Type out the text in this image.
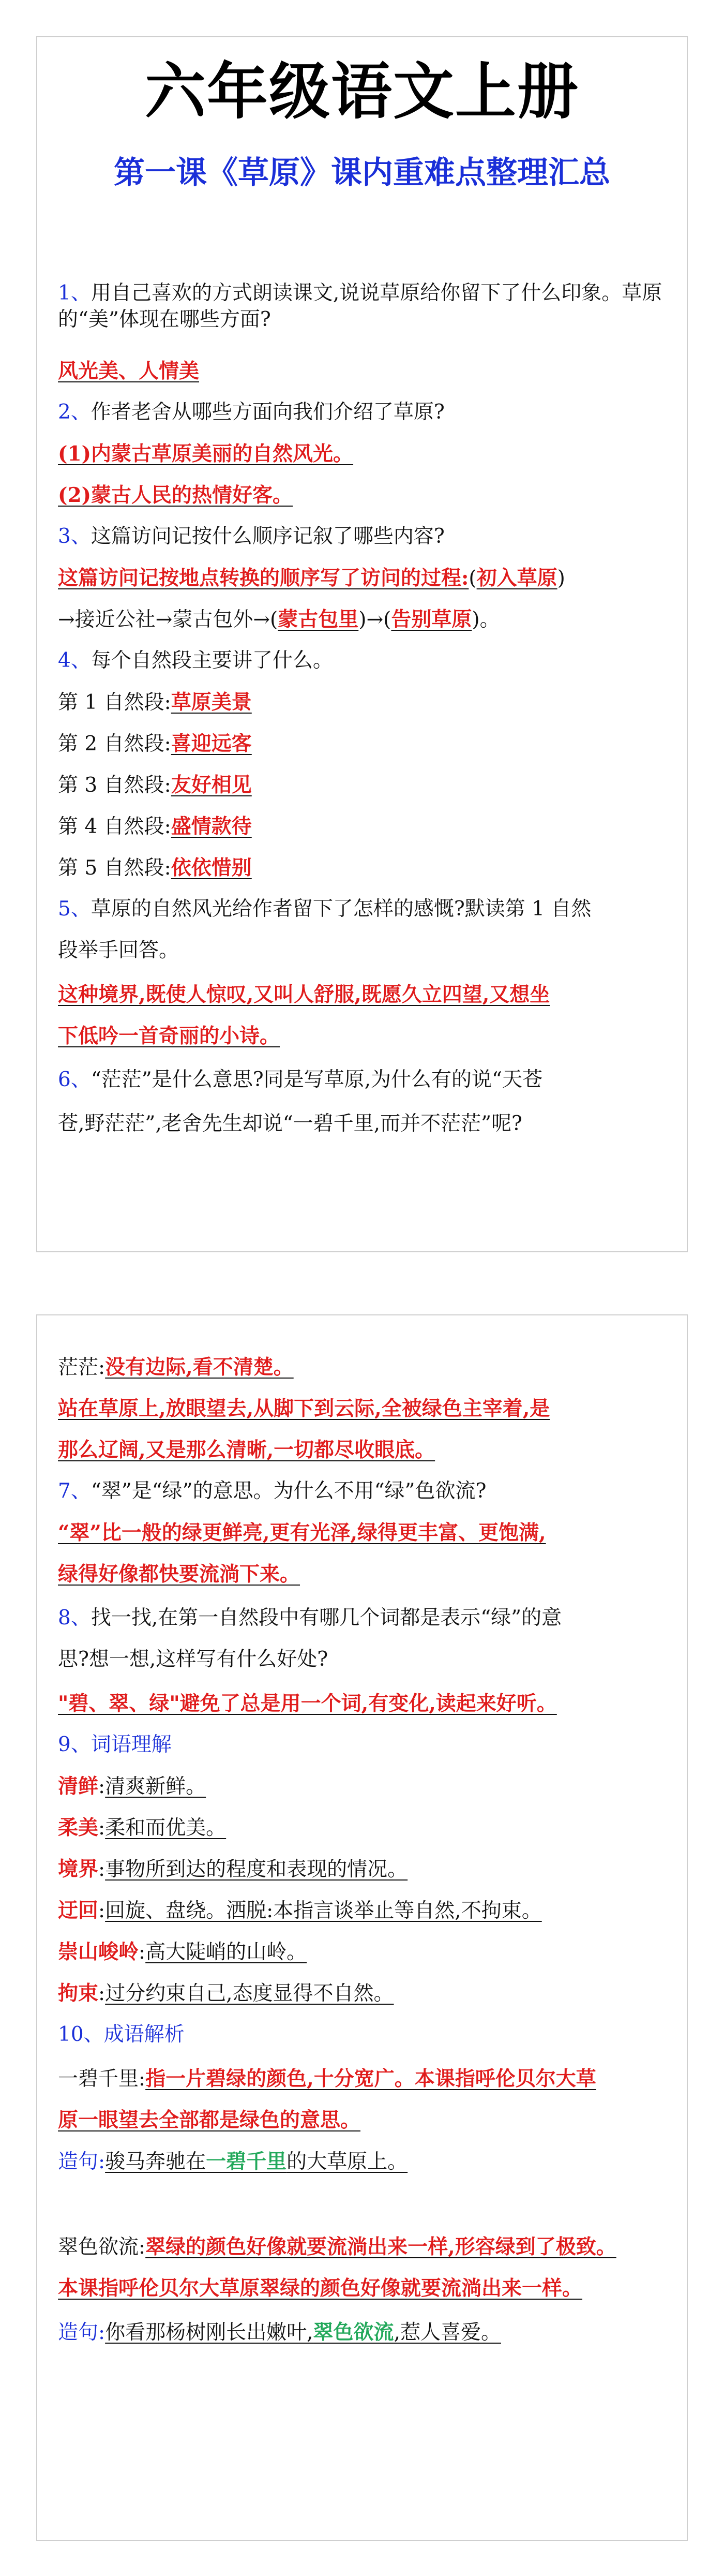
六年级语文上册
第一课《草原》课内重难点整理汇总
1、用自己喜欢的方式朗读课文,说说草原给你留下了什么印象。草原的“美”体现在哪些方面?
风光美、人情美
2、作者老舍从哪些方面向我们介绍了草原?
(1)内蒙古草原美丽的自然风光。
(2)蒙古人民的热情好客。
3、这篇访问记按什么顺序记叙了哪些内容?
这篇访问记按地点转换的顺序写了访问的过程:(初入草原)
→接近公社→蒙古包外→(蒙古包里)→(告别草原)。
4、每个自然段主要讲了什么。
第 1 自然段:草原美景
第 2 自然段:喜迎远客
第 3 自然段:友好相见
第 4 自然段:盛情款待
第 5 自然段:依依惜别
5、草原的自然风光给作者留下了怎样的感慨?默读第 1 自然
段举手回答。
这种境界,既使人惊叹,又叫人舒服,既愿久立四望,又想坐
下低吟一首奇丽的小诗。
6、“茫茫”是什么意思?同是写草原,为什么有的说“天苍
苍,野茫茫”,老舍先生却说“一碧千里,而并不茫茫”呢?
茫茫:没有边际,看不清楚。
站在草原上,放眼望去,从脚下到云际,全被绿色主宰着,是
那么辽阔,又是那么清晰,一切都尽收眼底。
7、“翠”是“绿”的意思。为什么不用“绿”色欲流?
“翠”比一般的绿更鲜亮,更有光泽,绿得更丰富、更饱满,
绿得好像都快要流淌下来。
8、找一找,在第一自然段中有哪几个词都是表示“绿”的意
思?想一想,这样写有什么好处?
"碧、翠、绿"避免了总是用一个词,有变化,读起来好听。
9、词语理解
清鲜:清爽新鲜。
柔美:柔和而优美。
境界:事物所到达的程度和表现的情况。
迂回:回旋、盘绕。洒脱:本指言谈举止等自然,不拘束。
崇山峻岭:高大陡峭的山岭。
拘束:过分约束自己,态度显得不自然。
10、成语解析
一碧千里:指一片碧绿的颜色,十分宽广。本课指呼伦贝尔大草
原一眼望去全部都是绿色的意思。
造句:骏马奔驰在一碧千里的大草原上。
翠色欲流:翠绿的颜色好像就要流淌出来一样,形容绿到了极致。
本课指呼伦贝尔大草原翠绿的颜色好像就要流淌出来一样。
造句:你看那杨树刚长出嫩叶,翠色欲流,惹人喜爱。
